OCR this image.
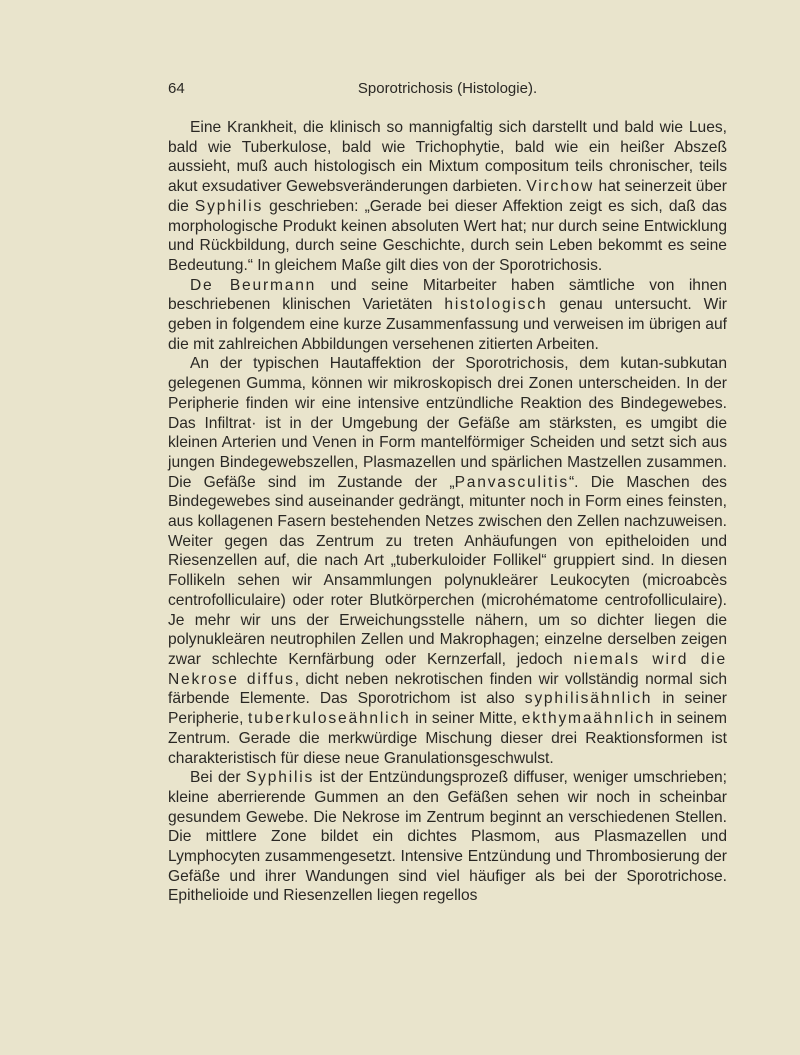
64	Sporotrichosis (Histologie).

Eine Krankheit, die klinisch so mannigfaltig sich darstellt und bald wie Lues, bald wie Tuberkulose, bald wie Trichophytie, bald wie ein heißer Abszeß aussieht, muß auch histologisch ein Mixtum compositum teils chronischer, teils akut exsudativer Gewebsveränderungen darbieten. Virchow hat seinerzeit über die Syphilis geschrieben: „Gerade bei dieser Affektion zeigt es sich, daß das morphologische Produkt keinen absoluten Wert hat; nur durch seine Entwicklung und Rückbildung, durch seine Geschichte, durch sein Leben bekommt es seine Bedeutung.“ In gleichem Maße gilt dies von der Sporotrichosis.

De Beurmann und seine Mitarbeiter haben sämtliche von ihnen beschriebenen klinischen Varietäten histologisch genau untersucht. Wir geben in folgendem eine kurze Zusammenfassung und verweisen im übrigen auf die mit zahlreichen Abbildungen versehenen zitierten Arbeiten.

An der typischen Hautaffektion der Sporotrichosis, dem kutan-subkutan gelegenen Gumma, können wir mikroskopisch drei Zonen unterscheiden. In der Peripherie finden wir eine intensive entzündliche Reaktion des Bindegewebes. Das Infiltrat· ist in der Umgebung der Gefäße am stärksten, es umgibt die kleinen Arterien und Venen in Form mantelförmiger Scheiden und setzt sich aus jungen Bindegewebszellen, Plasmazellen und spärlichen Mastzellen zusammen. Die Gefäße sind im Zustande der „Panvasculitis“. Die Maschen des Bindegewebes sind auseinander gedrängt, mitunter noch in Form eines feinsten, aus kollagenen Fasern bestehenden Netzes zwischen den Zellen nachzuweisen. Weiter gegen das Zentrum zu treten Anhäufungen von epitheloiden und Riesenzellen auf, die nach Art „tuberkuloider Follikel“ gruppiert sind. In diesen Follikeln sehen wir Ansammlungen polynukleärer Leukocyten (microabcès centrofolliculaire) oder roter Blutkörperchen (microhématome centrofolliculaire). Je mehr wir uns der Erweichungsstelle nähern, um so dichter liegen die polynukleären neutrophilen Zellen und Makrophagen; einzelne derselben zeigen zwar schlechte Kernfärbung oder Kernzerfall, jedoch niemals wird die Nekrose diffus, dicht neben nekrotischen finden wir vollständig normal sich färbende Elemente. Das Sporotrichom ist also syphilisähnlich in seiner Peripherie, tuberkuloseähnlich in seiner Mitte, ekthymaähnlich in seinem Zentrum. Gerade die merkwürdige Mischung dieser drei Reaktionsformen ist charakteristisch für diese neue Granulationsgeschwulst.

Bei der Syphilis ist der Entzündungsprozeß diffuser, weniger umschrieben; kleine aberrierende Gummen an den Gefäßen sehen wir noch in scheinbar gesundem Gewebe. Die Nekrose im Zentrum beginnt an verschiedenen Stellen. Die mittlere Zone bildet ein dichtes Plasmom, aus Plasmazellen und Lymphocyten zusammengesetzt. Intensive Entzündung und Thrombosierung der Gefäße und ihrer Wandungen sind viel häufiger als bei der Sporotrichose. Epithelioide und Riesenzellen liegen regellos
